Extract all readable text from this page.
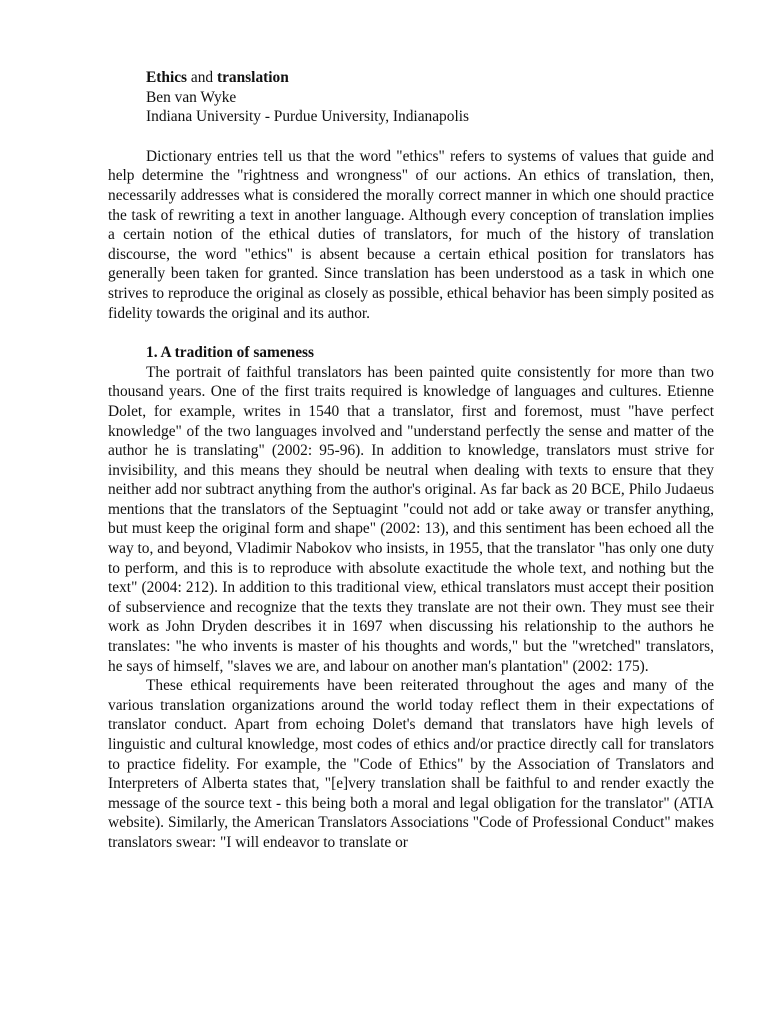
Ethics and translation

Ben van Wyke

Indiana University - Purdue University, Indianapolis

Dictionary entries tell us that the word "ethics" refers to systems of values that guide and help determine the "rightness and wrongness" of our actions. An ethics of translation, then, necessarily addresses what is considered the morally correct manner in which one should practice the task of rewriting a text in another language. Although every conception of translation implies a certain notion of the ethical duties of translators, for much of the history of translation discourse, the word "ethics" is absent because a certain ethical position for translators has generally been taken for granted. Since translation has been understood as a task in which one strives to reproduce the original as closely as possible, ethical behavior has been simply posited as fidelity towards the original and its author.

1. A tradition of sameness

The portrait of faithful translators has been painted quite consistently for more than two thousand years. One of the first traits required is knowledge of languages and cultures. Etienne Dolet, for example, writes in 1540 that a translator, first and foremost, must "have perfect knowledge" of the two languages involved and "understand perfectly the sense and matter of the author he is translating" (2002: 95-96). In addition to knowledge, translators must strive for invisibility, and this means they should be neutral when dealing with texts to ensure that they neither add nor subtract anything from the author's original. As far back as 20 BCE, Philo Judaeus mentions that the translators of the Septuagint "could not add or take away or transfer anything, but must keep the original form and shape" (2002: 13), and this sentiment has been echoed all the way to, and beyond, Vladimir Nabokov who insists, in 1955, that the translator "has only one duty to perform, and this is to reproduce with absolute exactitude the whole text, and nothing but the text" (2004: 212). In addition to this traditional view, ethical translators must accept their position of subservience and recognize that the texts they translate are not their own. They must see their work as John Dryden describes it in 1697 when discussing his relationship to the authors he translates: "he who invents is master of his thoughts and words," but the "wretched" translators, he says of himself, "slaves we are, and labour on another man's plantation" (2002: 175).

These ethical requirements have been reiterated throughout the ages and many of the various translation organizations around the world today reflect them in their expectations of translator conduct. Apart from echoing Dolet's demand that translators have high levels of linguistic and cultural knowledge, most codes of ethics and/or practice directly call for translators to practice fidelity. For example, the "Code of Ethics" by the Association of Translators and Interpreters of Alberta states that, "[e]very translation shall be faithful to and render exactly the message of the source text - this being both a moral and legal obligation for the translator" (ATIA website). Similarly, the American Translators Associations "Code of Professional Conduct" makes translators swear: "I will endeavor to translate or
